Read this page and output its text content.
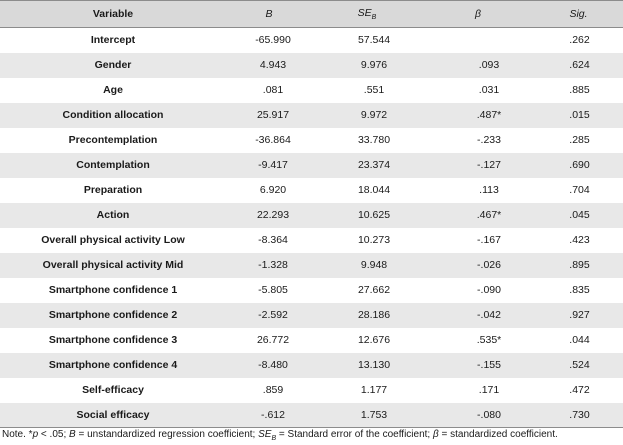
Variable	B	$SE_B$	β	Sig.
Intercept	-65.990	57.544		.262
Gender	4.943	9.976	.093	.624
Age	.081	.551	.031	.885
Condition allocation	25.917	9.972	.487*	.015
Precontemplation	-36.864	33.780	-.233	.285
Contemplation	-9.417	23.374	-.127	.690
Preparation	6.920	18.044	.113	.704
Action	22.293	10.625	.467*	.045
Overall physical activity Low	-8.364	10.273	-.167	.423
Overall physical activity Mid	-1.328	9.948	-.026	.895
Smartphone confidence 1	-5.805	27.662	-.090	.835
Smartphone confidence 2	-2.592	28.186	-.042	.927
Smartphone confidence 3	26.772	12.676	.535*	.044
Smartphone confidence 4	-8.480	13.130	-.155	.524
Self-efficacy	.859	1.177	.171	.472
Social efficacy	-.612	1.753	-.080	.730
Note. *p < .05; B = unstandardized regression coefficient; $SE_B$ = Standard error of the coefficient; β = standardized coefficient.
